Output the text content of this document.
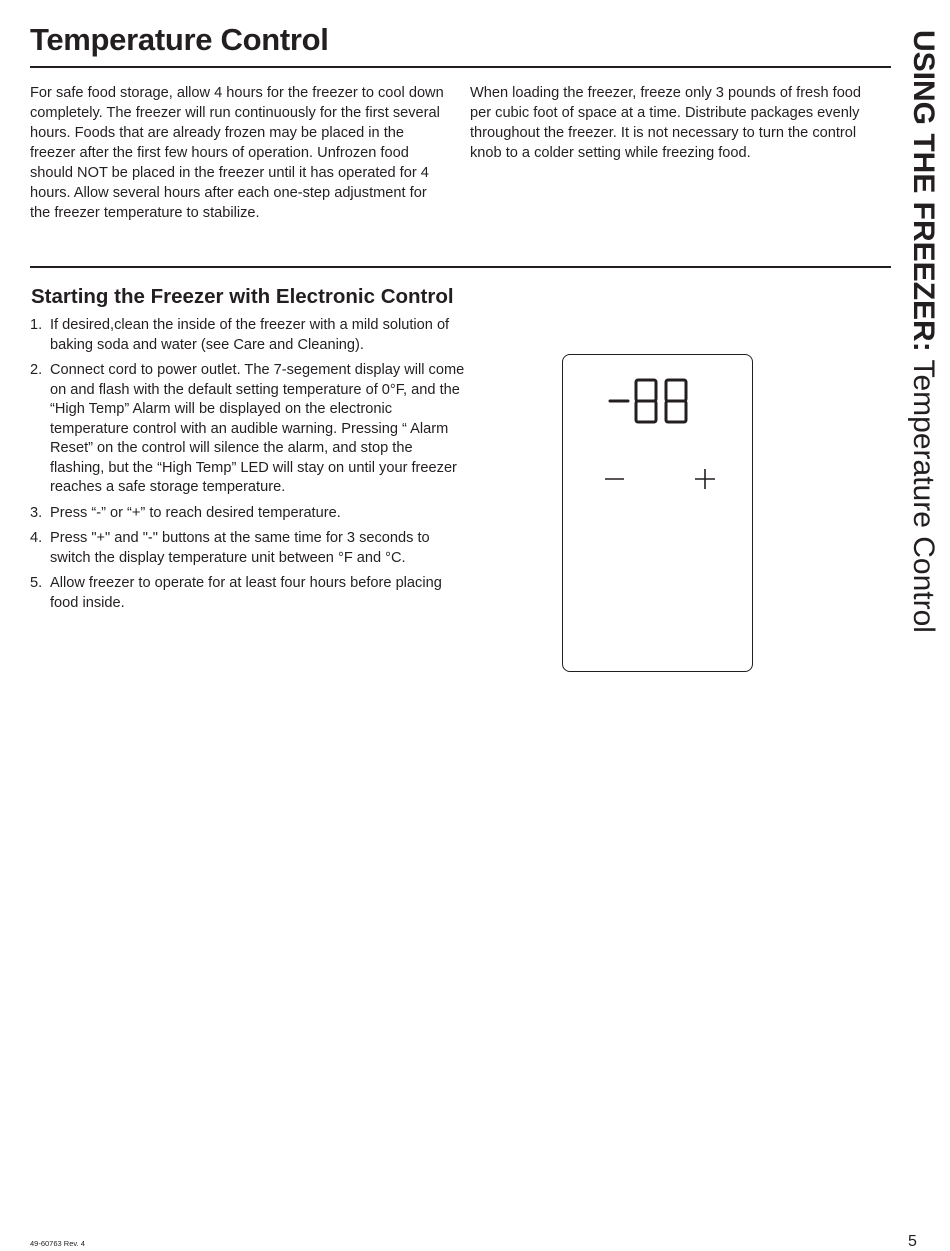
Temperature Control

For safe food storage, allow 4 hours for the freezer to cool down completely. The freezer will run continuously for the first several hours. Foods that are already frozen may be placed in the freezer after the first few hours of operation. Unfrozen food should NOT be placed in the freezer until it has operated for 4 hours. Allow several hours after each one-step adjustment for the freezer temperature to stabilize.

When loading the freezer, freeze only 3 pounds of fresh food per cubic foot of space at a time. Distribute packages evenly throughout the freezer. It is not necessary to turn the control knob to a colder setting while freezing food.

Starting the Freezer with Electronic Control
1. If desired,clean the inside of the freezer with a mild solution of baking soda and water (see Care and Cleaning).
2. Connect cord to power outlet. The 7-segement display will come on and flash with the default setting temperature of 0°F, and the “High Temp” Alarm will be displayed on the electronic temperature control with an audible warning. Pressing “ Alarm Reset” on the control will silence the alarm, and stop the flashing, but the “High Temp” LED will stay on until your freezer reaches a safe storage temperature.
3. Press “-” or “+” to reach desired temperature.
4. Press "+" and "-" buttons at the same time for 3 seconds to switch the display temperature unit between °F and °C.
5. Allow freezer to operate for at least four hours before placing food inside.
USING THE FREEZER: Temperature Control
49-60763 Rev. 4	5
